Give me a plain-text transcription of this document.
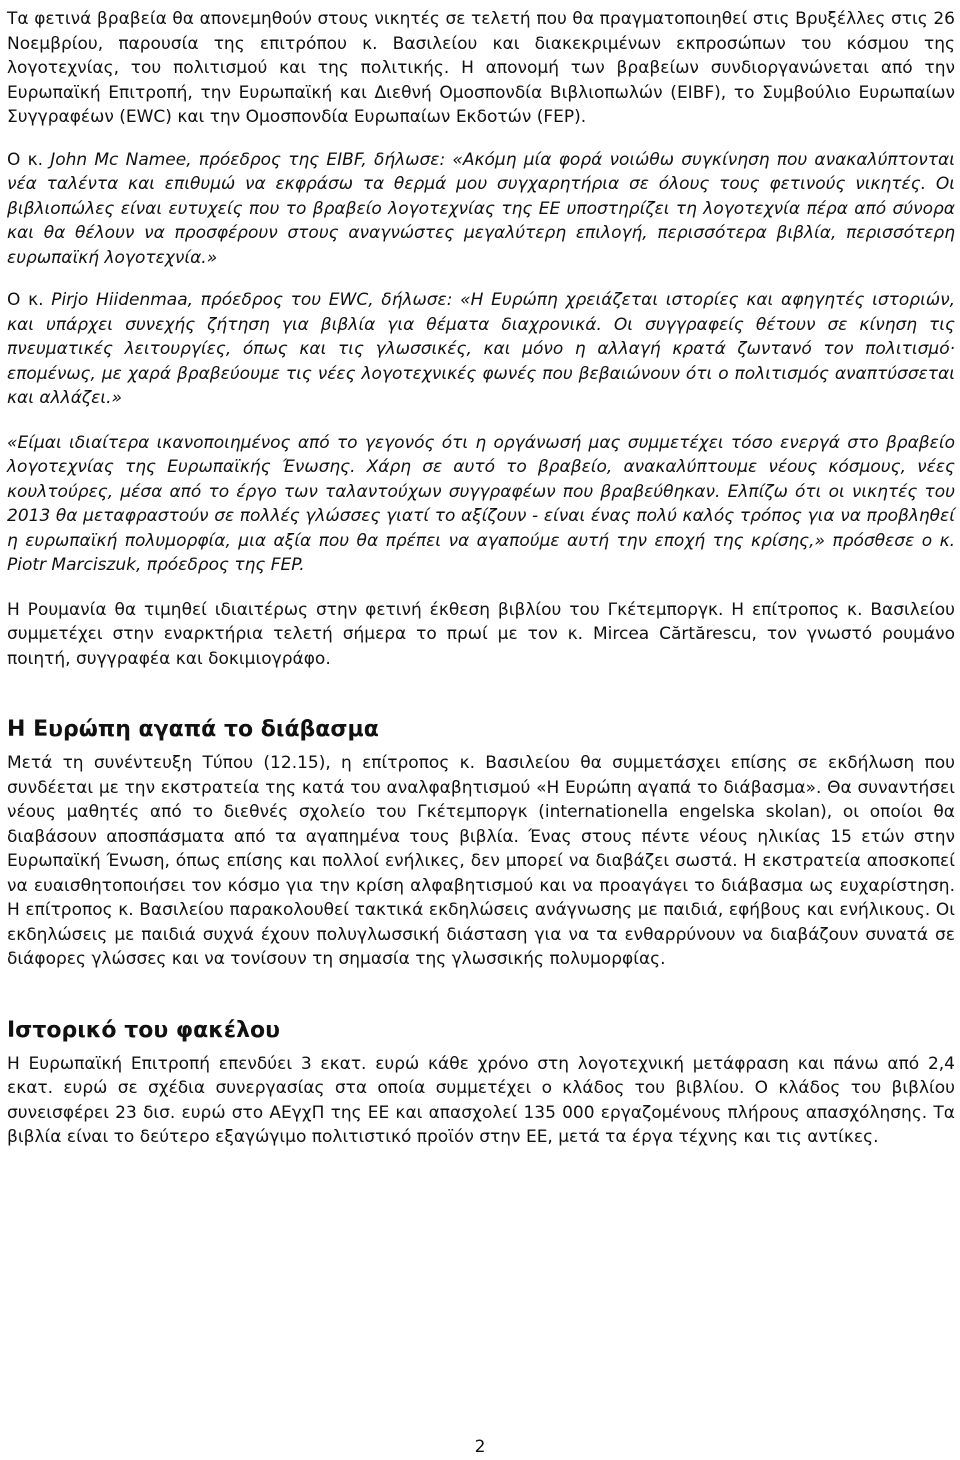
Τα φετινά βραβεία θα απονεμηθούν στους νικητές σε τελετή που θα πραγματοποιηθεί στις Βρυξέλλες στις 26 Νοεμβρίου, παρουσία της επιτρόπου κ. Βασιλείου και διακεκριμένων εκπροσώπων του κόσμου της λογοτεχνίας, του πολιτισμού και της πολιτικής. Η απονομή των βραβείων συνδιοργανώνεται από την Ευρωπαϊκή Επιτροπή, την Ευρωπαϊκή και Διεθνή Ομοσπονδία Βιβλιοπωλών (EIBF), το Συμβούλιο Ευρωπαίων Συγγραφέων (EWC) και την Ομοσπονδία Ευρωπαίων Εκδοτών (FEP).

Ο κ. John Mc Namee, πρόεδρος της EIBF, δήλωσε: «Ακόμη μία φορά νοιώθω συγκίνηση που ανακαλύπτονται νέα ταλέντα και επιθυμώ να εκφράσω τα θερμά μου συγχαρητήρια σε όλους τους φετινούς νικητές. Οι βιβλιοπώλες είναι ευτυχείς που το βραβείο λογοτεχνίας της ΕΕ υποστηρίζει τη λογοτεχνία πέρα από σύνορα και θα θέλουν να προσφέρουν στους αναγνώστες μεγαλύτερη επιλογή, περισσότερα βιβλία, περισσότερη ευρωπαϊκή λογοτεχνία.»

Ο κ. Pirjo Hiidenmaa, πρόεδρος του EWC, δήλωσε: «Η Ευρώπη χρειάζεται ιστορίες και αφηγητές ιστοριών, και υπάρχει συνεχής ζήτηση για βιβλία για θέματα διαχρονικά. Οι συγγραφείς θέτουν σε κίνηση τις πνευματικές λειτουργίες, όπως και τις γλωσσικές, και μόνο η αλλαγή κρατά ζωντανό τον πολιτισμό· επομένως, με χαρά βραβεύουμε τις νέες λογοτεχνικές φωνές που βεβαιώνουν ότι ο πολιτισμός αναπτύσσεται και αλλάζει.»

«Είμαι ιδιαίτερα ικανοποιημένος από το γεγονός ότι η οργάνωσή μας συμμετέχει τόσο ενεργά στο βραβείο λογοτεχνίας της Ευρωπαϊκής Ένωσης. Χάρη σε αυτό το βραβείο, ανακαλύπτουμε νέους κόσμους, νέες κουλτούρες, μέσα από το έργο των ταλαντούχων συγγραφέων που βραβεύθηκαν. Ελπίζω ότι οι νικητές του 2013 θα μεταφραστούν σε πολλές γλώσσες γιατί το αξίζουν - είναι ένας πολύ καλός τρόπος για να προβληθεί η ευρωπαϊκή πολυμορφία, μια αξία που θα πρέπει να αγαπούμε αυτή την εποχή της κρίσης,» πρόσθεσε ο κ. Piotr Marciszuk, πρόεδρος της FEP.

Η Ρουμανία θα τιμηθεί ιδιαιτέρως στην φετινή έκθεση βιβλίου του Γκέτεμποργκ. Η επίτροπος κ. Βασιλείου συμμετέχει στην εναρκτήρια τελετή σήμερα το πρωί με τον κ. Mircea Cărtărescu, τον γνωστό ρουμάνο ποιητή, συγγραφέα και δοκιμιογράφο.

Η Ευρώπη αγαπά το διάβασμα

Μετά τη συνέντευξη Τύπου (12.15), η επίτροπος κ. Βασιλείου θα συμμετάσχει επίσης σε εκδήλωση που συνδέεται με την εκστρατεία της κατά του αναλφαβητισμού «Η Ευρώπη αγαπά το διάβασμα». Θα συναντήσει νέους μαθητές από το διεθνές σχολείο του Γκέτεμποργκ (internationella engelska skolan), οι οποίοι θα διαβάσουν αποσπάσματα από τα αγαπημένα τους βιβλία. Ένας στους πέντε νέους ηλικίας 15 ετών στην Ευρωπαϊκή Ένωση, όπως επίσης και πολλοί ενήλικες, δεν μπορεί να διαβάζει σωστά. Η εκστρατεία αποσκοπεί να ευαισθητοποιήσει τον κόσμο για την κρίση αλφαβητισμού και να προαγάγει το διάβασμα ως ευχαρίστηση. Η επίτροπος κ. Βασιλείου παρακολουθεί τακτικά εκδηλώσεις ανάγνωσης με παιδιά, εφήβους και ενήλικους. Οι εκδηλώσεις με παιδιά συχνά έχουν πολυγλωσσική διάσταση για να τα ενθαρρύνουν να διαβάζουν συνατά σε διάφορες γλώσσες και να τονίσουν τη σημασία της γλωσσικής πολυμορφίας.

Ιστορικό του φακέλου

Η Ευρωπαϊκή Επιτροπή επενδύει 3 εκατ. ευρώ κάθε χρόνο στη λογοτεχνική μετάφραση και πάνω από 2,4 εκατ. ευρώ σε σχέδια συνεργασίας στα οποία συμμετέχει ο κλάδος του βιβλίου. Ο κλάδος του βιβλίου συνεισφέρει 23 δισ. ευρώ στο ΑΕγχΠ της ΕΕ και απασχολεί 135 000 εργαζομένους πλήρους απασχόλησης. Τα βιβλία είναι το δεύτερο εξαγώγιμο πολιτιστικό προϊόν στην ΕΕ, μετά τα έργα τέχνης και τις αντίκες.

2
